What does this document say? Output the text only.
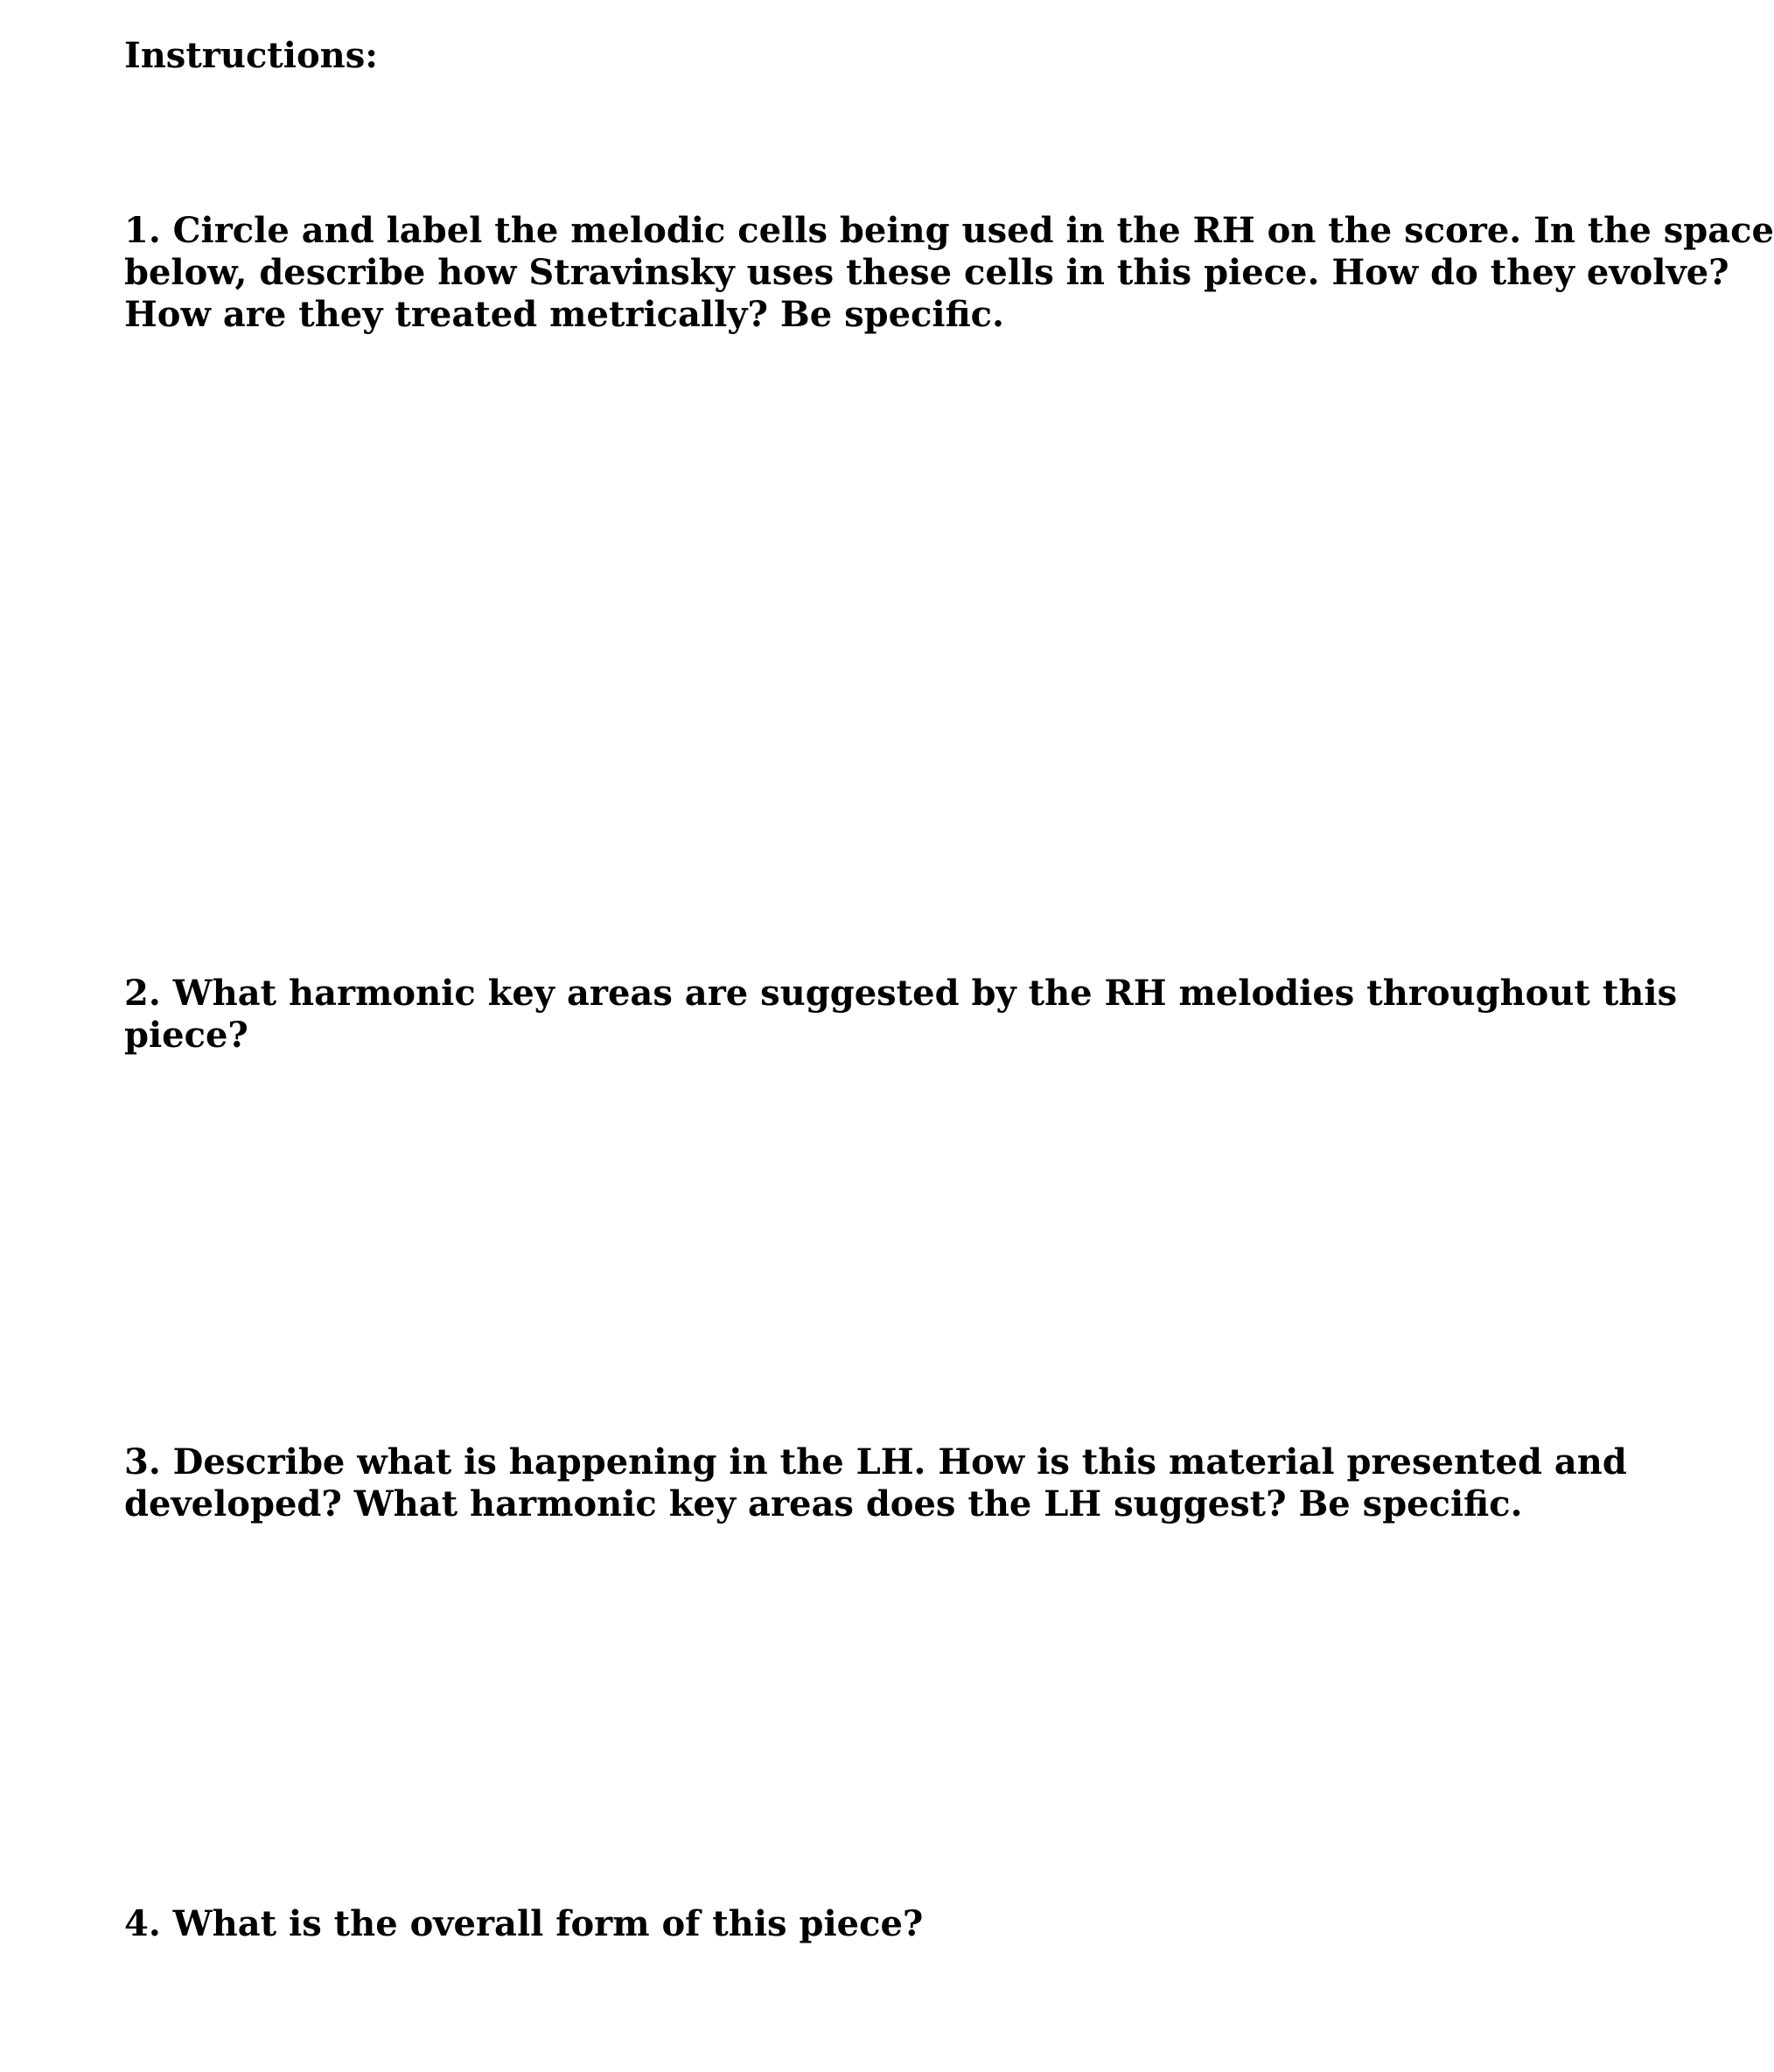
Instructions:

1. Circle and label the melodic cells being used in the RH on the score. In the space
below, describe how Stravinsky uses these cells in this piece. How do they evolve?
How are they treated metrically? Be specific.

2. What harmonic key areas are suggested by the RH melodies throughout this
piece?

3. Describe what is happening in the LH. How is this material presented and
developed? What harmonic key areas does the LH suggest? Be specific.

4. What is the overall form of this piece?
